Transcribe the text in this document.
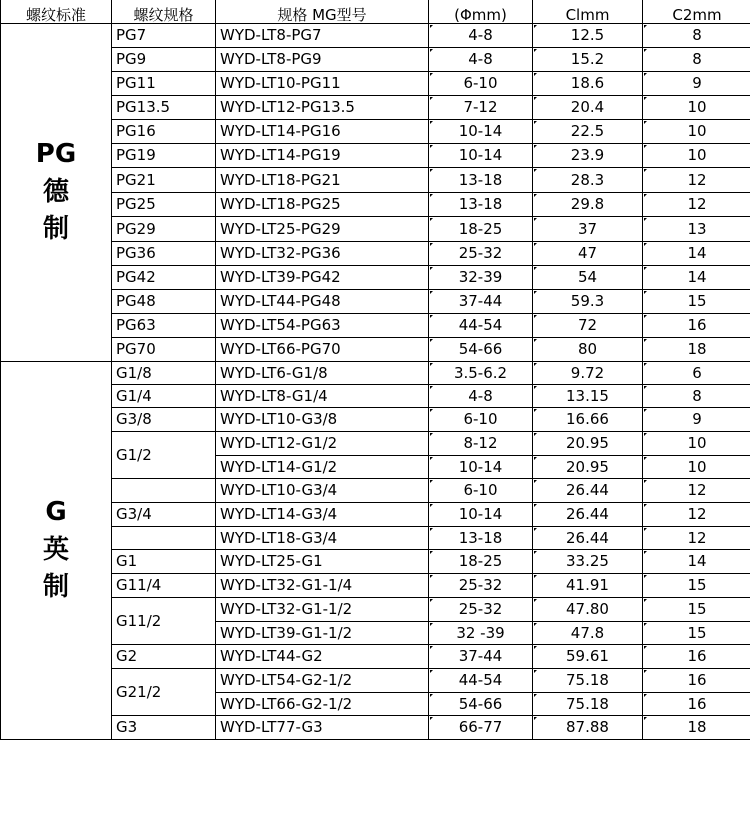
螺纹标准	螺纹规格	规格 MG型号	(Φmm)	Clmm	C2mm

PG
德
制	PG7	WYD-LT8-PG7	4-8	12.5	8
	PG9	WYD-LT8-PG9	4-8	15.2	8
	PG11	WYD-LT10-PG11	6-10	18.6	9
	PG13.5	WYD-LT12-PG13.5	7-12	20.4	10
	PG16	WYD-LT14-PG16	10-14	22.5	10
	PG19	WYD-LT14-PG19	10-14	23.9	10
	PG21	WYD-LT18-PG21	13-18	28.3	12
	PG25	WYD-LT18-PG25	13-18	29.8	12
	PG29	WYD-LT25-PG29	18-25	37	13
	PG36	WYD-LT32-PG36	25-32	47	14
	PG42	WYD-LT39-PG42	32-39	54	14
	PG48	WYD-LT44-PG48	37-44	59.3	15
	PG63	WYD-LT54-PG63	44-54	72	16
	PG70	WYD-LT66-PG70	54-66	80	18

G
英
制	G1/8	WYD-LT6-G1/8	3.5-6.2	9.72	6
	G1/4	WYD-LT8-G1/4	4-8	13.15	8
	G3/8	WYD-LT10-G3/8	6-10	16.66	9
	G1/2	WYD-LT12-G1/2	8-12	20.95	10
		WYD-LT14-G1/2	10-14	20.95	10
		WYD-LT10-G3/4	6-10	26.44	12
	G3/4	WYD-LT14-G3/4	10-14	26.44	12
		WYD-LT18-G3/4	13-18	26.44	12
	G1	WYD-LT25-G1	18-25	33.25	14
	G11/4	WYD-LT32-G1-1/4	25-32	41.91	15
	G11/2	WYD-LT32-G1-1/2	25-32	47.80	15
		WYD-LT39-G1-1/2	32 -39	47.8	15
	G2	WYD-LT44-G2	37-44	59.61	16
	G21/2	WYD-LT54-G2-1/2	44-54	75.18	16
		WYD-LT66-G2-1/2	54-66	75.18	16
	G3	WYD-LT77-G3	66-77	87.88	18
